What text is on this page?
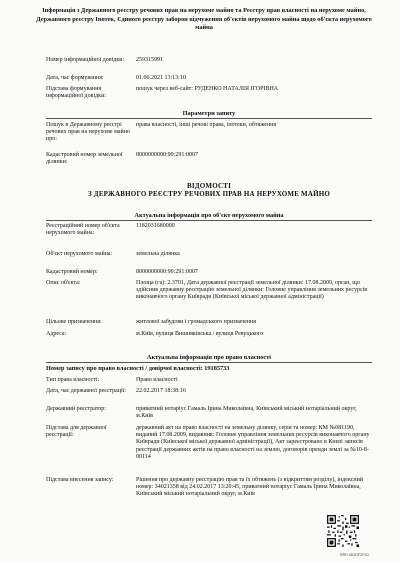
Інформація з Державного реєстру речових прав на нерухоме майно та Реєстру прав власності на нерухоме майно, Державного реєстру Іпотек, Єдиного реєстру заборон відчуження об'єктів нерухомого майна щодо об'єкта нерухомого майна
Номер інформаційної довідки:	259315991
Дата, час формування:	01.06.2021 13:13:10
Підстава формування інформаційної довідки:
пошук через веб-сайт: РУДЕНКО НАТАЛІЯ ІГОРІВНА
Параметри запиту
Пошук в Державному реєстрі речових прав на нерухоме майно про:
права власності, інші речові права, іпотеки, обтяження
Кадастровий номер земельної ділянки:
8000000000:90:291:0007
ВІДОМОСТІ
З ДЕРЖАВНОГО РЕЄСТРУ РЕЧОВИХ ПРАВ НА НЕРУХОМЕ МАЙНО
Актуальна інформація про об'єкт нерухомого майна
Реєстраційний номер об'єкта нерухомого майна:
1182031680000
Об'єкт нерухомого майна:	земельна ділянка
Кадастровий номер:	8000000000:90:291:0007
Опис об'єкта:	Площа (га): 2.3701, Дата державної реєстрації земельної ділянки: 17.08.2009, орган, що здійснив державну реєстрацію земельної ділянки: Головне управління земельних ресурсів виконавчого органу Київради (Київської міської державної адміністрації)
Цільове призначення:	житлової забудови і громадського призначення
Адреса:	м.Київ, вулиця Вишняківська / вулиця Ревуцького
Актуальна інформація про право власності
Номер запису про право власності / довірчої власності: 19185733
Тип права власності:	Право власності
Дата, час державної реєстрації:	22.02.2017 18:38:16
Державний реєстратор:	приватний нотаріус Гамаль Ірина Миколаївна, Київський міський нотаріальний округ, м.Київ
Підстава для державної реєстрації:
державний акт на право власності на земельну ділянку, серія та номер: КМ №081190, виданий 17.08.2009, видавник: Головне управління земельних ресурсів виконавчого органу Київради (Київської міської державної адміністрації), Акт зареєстровано в Книзі записів реєстрації державних актів на право власності на землю, договорів оренди землі за №10-8-00114
Підстава внесення запису:	Рішення про державну реєстрацію прав та їх обтяжень (з відкриттям розділу), індексний номер: 34021358 від 24.02.2017 13:20:45, приватний нотаріус Гамаль Ірина Миколаївна, Київський міський нотаріальний округ, м.Київ
RRP-9D2DF2F1D
